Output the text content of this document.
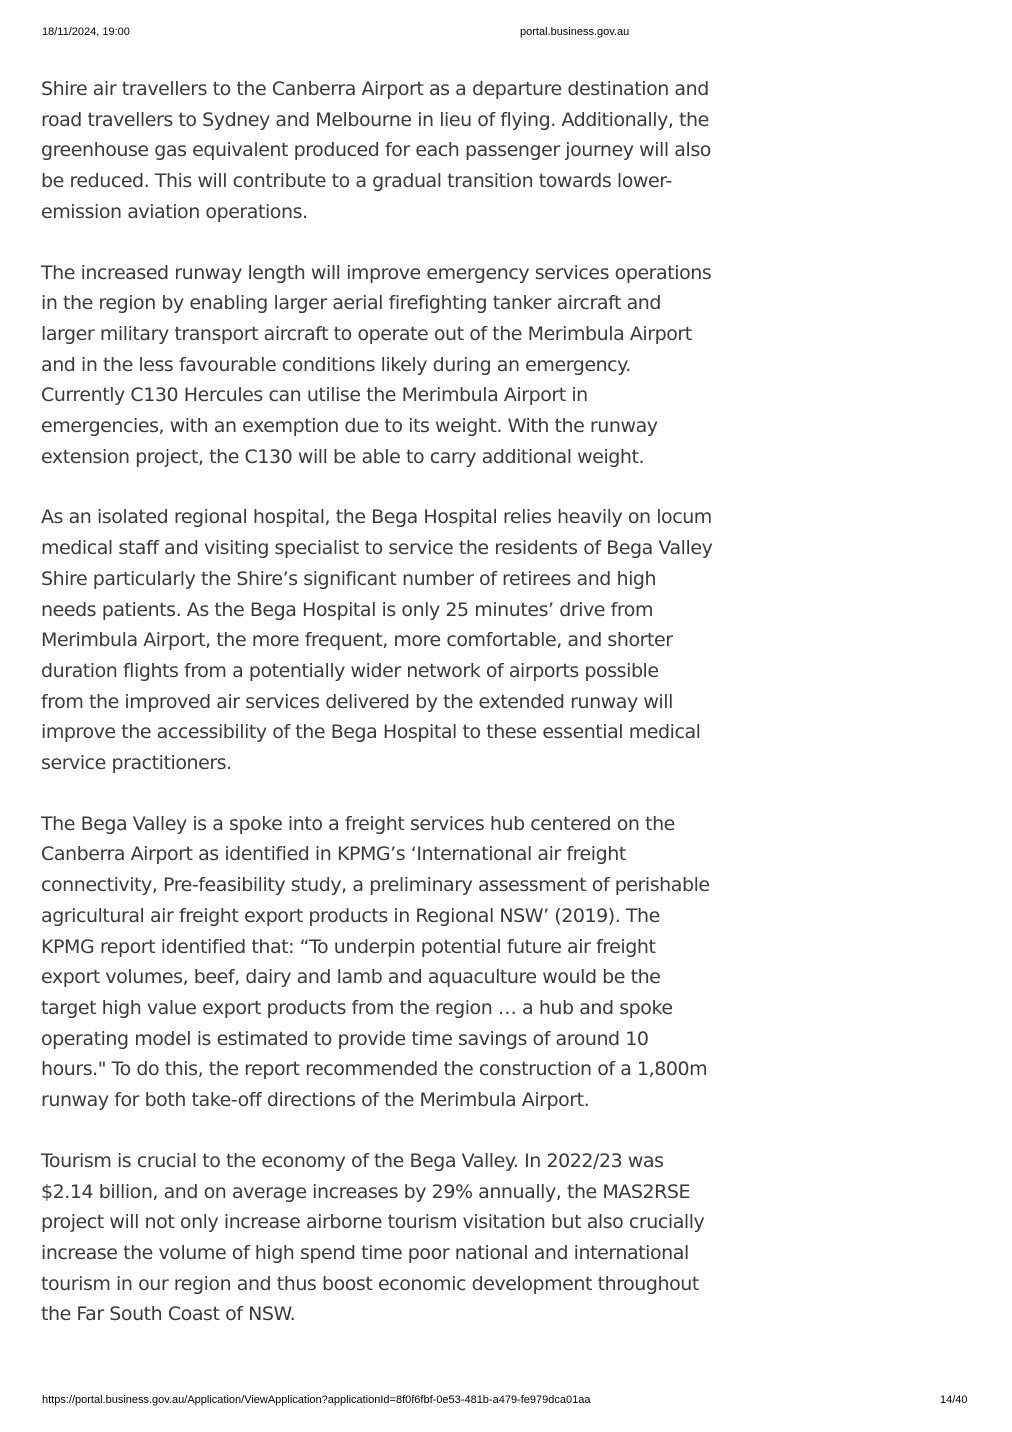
18/11/2024, 19:00	portal.business.gov.au

Shire air travellers to the Canberra Airport as a departure destination and
road travellers to Sydney and Melbourne in lieu of flying. Additionally, the
greenhouse gas equivalent produced for each passenger journey will also
be reduced. This will contribute to a gradual transition towards lower-
emission aviation operations.

The increased runway length will improve emergency services operations
in the region by enabling larger aerial firefighting tanker aircraft and
larger military transport aircraft to operate out of the Merimbula Airport
and in the less favourable conditions likely during an emergency.
Currently C130 Hercules can utilise the Merimbula Airport in
emergencies, with an exemption due to its weight. With the runway
extension project, the C130 will be able to carry additional weight.

As an isolated regional hospital, the Bega Hospital relies heavily on locum
medical staff and visiting specialist to service the residents of Bega Valley
Shire particularly the Shire’s significant number of retirees and high
needs patients. As the Bega Hospital is only 25 minutes’ drive from
Merimbula Airport, the more frequent, more comfortable, and shorter
duration flights from a potentially wider network of airports possible
from the improved air services delivered by the extended runway will
improve the accessibility of the Bega Hospital to these essential medical
service practitioners.

The Bega Valley is a spoke into a freight services hub centered on the
Canberra Airport as identified in KPMG’s ‘International air freight
connectivity, Pre-feasibility study, a preliminary assessment of perishable
agricultural air freight export products in Regional NSW’ (2019). The
KPMG report identified that: “To underpin potential future air freight
export volumes, beef, dairy and lamb and aquaculture would be the
target high value export products from the region … a hub and spoke
operating model is estimated to provide time savings of around 10
hours." To do this, the report recommended the construction of a 1,800m
runway for both take-off directions of the Merimbula Airport.

Tourism is crucial to the economy of the Bega Valley. In 2022/23 was
$2.14 billion, and on average increases by 29% annually, the MAS2RSE
project will not only increase airborne tourism visitation but also crucially
increase the volume of high spend time poor national and international
tourism in our region and thus boost economic development throughout
the Far South Coast of NSW.

https://portal.business.gov.au/Application/ViewApplication?applicationId=8f0f6fbf-0e53-481b-a479-fe979dca01aa	14/40
